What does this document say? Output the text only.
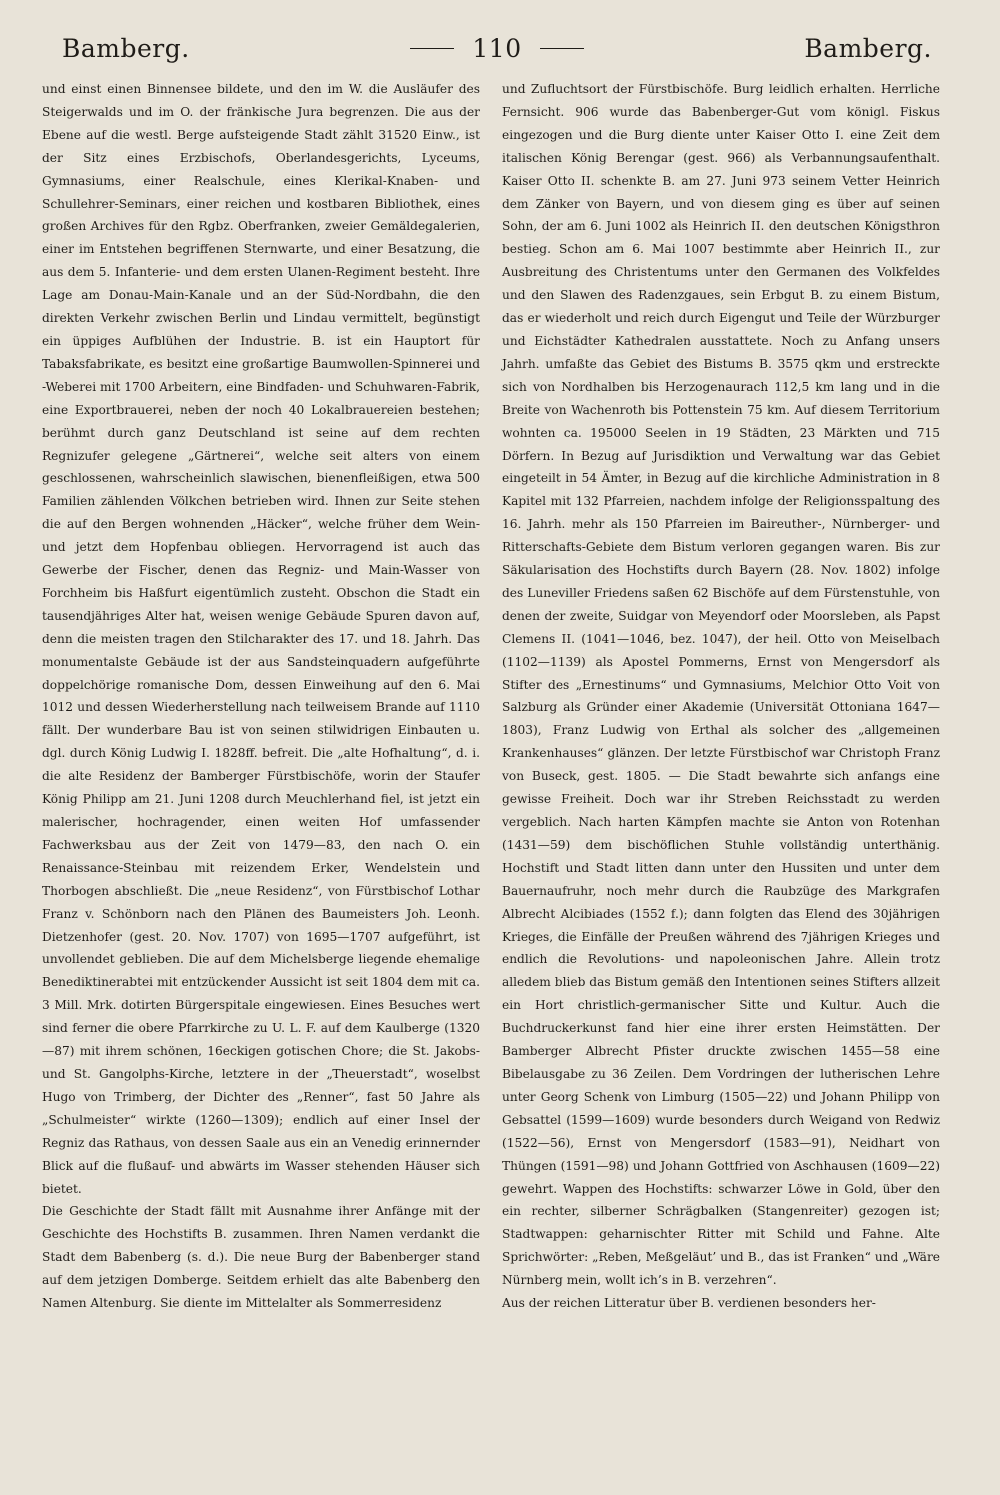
Bamberg.	110	Bamberg.

und einst einen Binnensee bildete, und den im W. die Ausläufer des Steigerwalds und im O. der fränkische Jura begrenzen. Die aus der Ebene auf die westl. Berge aufsteigende Stadt zählt 31520 Einw., ist der Sitz eines Erzbischofs, Oberlandesgerichts, Lyceums, Gymnasiums, einer Realschule, eines Klerikal-Knaben- und Schullehrer-Seminars, einer reichen und kostbaren Bibliothek, eines großen Archives für den Rgbz. Oberfranken, zweier Gemäldegalerien, einer im Entstehen begriffenen Sternwarte, und einer Besatzung, die aus dem 5. Infanterie- und dem ersten Ulanen-Regiment besteht. Ihre Lage am Donau-Main-Kanale und an der Süd-Nordbahn, die den direkten Verkehr zwischen Berlin und Lindau vermittelt, begünstigt ein üppiges Aufblühen der Industrie. B. ist ein Hauptort für Tabaksfabrikate, es besitzt eine großartige Baumwollen-Spinnerei und -Weberei mit 1700 Arbeitern, eine Bindfaden- und Schuhwaren-Fabrik, eine Exportbrauerei, neben der noch 40 Lokalbrauereien bestehen; berühmt durch ganz Deutschland ist seine auf dem rechten Regnizufer gelegene „Gärtnerei“, welche seit alters von einem geschlossenen, wahrscheinlich slawischen, bienenfleißigen, etwa 500 Familien zählenden Völkchen betrieben wird. Ihnen zur Seite stehen die auf den Bergen wohnenden „Häcker“, welche früher dem Wein- und jetzt dem Hopfenbau obliegen. Hervorragend ist auch das Gewerbe der Fischer, denen das Regniz- und Main-Wasser von Forchheim bis Haßfurt eigentümlich zusteht. Obschon die Stadt ein tausendjähriges Alter hat, weisen wenige Gebäude Spuren davon auf, denn die meisten tragen den Stilcharakter des 17. und 18. Jahrh. Das monumentalste Gebäude ist der aus Sandsteinquadern aufgeführte doppelchörige romanische Dom, dessen Einweihung auf den 6. Mai 1012 und dessen Wiederherstellung nach teilweisem Brande auf 1110 fällt. Der wunderbare Bau ist von seinen stilwidrigen Einbauten u. dgl. durch König Ludwig I. 1828ff. befreit. Die „alte Hofhaltung“, d. i. die alte Residenz der Bamberger Fürstbischöfe, worin der Staufer König Philipp am 21. Juni 1208 durch Meuchlerhand fiel, ist jetzt ein malerischer, hochragender, einen weiten Hof umfassender Fachwerksbau aus der Zeit von 1479—83, den nach O. ein Renaissance-Steinbau mit reizendem Erker, Wendelstein und Thorbogen abschließt. Die „neue Residenz“, von Fürstbischof Lothar Franz v. Schönborn nach den Plänen des Baumeisters Joh. Leonh. Dietzenhofer (gest. 20. Nov. 1707) von 1695—1707 aufgeführt, ist unvollendet geblieben. Die auf dem Michelsberge liegende ehemalige Benediktinerabtei mit entzückender Aussicht ist seit 1804 dem mit ca. 3 Mill. Mrk. dotirten Bürgerspitale eingewiesen. Eines Besuches wert sind ferner die obere Pfarrkirche zu U. L. F. auf dem Kaulberge (1320—87) mit ihrem schönen, 16eckigen gotischen Chore; die St. Jakobs- und St. Gangolphs-Kirche, letztere in der „Theuerstadt“, woselbst Hugo von Trimberg, der Dichter des „Renner“, fast 50 Jahre als „Schulmeister“ wirkte (1260—1309); endlich auf einer Insel der Regniz das Rathaus, von dessen Saale aus ein an Venedig erinnernder Blick auf die flußauf- und abwärts im Wasser stehenden Häuser sich bietet.

Die Geschichte der Stadt fällt mit Ausnahme ihrer Anfänge mit der Geschichte des Hochstifts B. zusammen. Ihren Namen verdankt die Stadt dem Babenberg (s. d.). Die neue Burg der Babenberger stand auf dem jetzigen Domberge. Seitdem erhielt das alte Babenberg den Namen Altenburg. Sie diente im Mittelalter als Sommerresidenz

und Zufluchtsort der Fürstbischöfe. Burg leidlich erhalten. Herrliche Fernsicht. 906 wurde das Babenberger-Gut vom königl. Fiskus eingezogen und die Burg diente unter Kaiser Otto I. eine Zeit dem italischen König Berengar (gest. 966) als Verbannungsaufenthalt. Kaiser Otto II. schenkte B. am 27. Juni 973 seinem Vetter Heinrich dem Zänker von Bayern, und von diesem ging es über auf seinen Sohn, der am 6. Juni 1002 als Heinrich II. den deutschen Königsthron bestieg. Schon am 6. Mai 1007 bestimmte aber Heinrich II., zur Ausbreitung des Christentums unter den Germanen des Volkfeldes und den Slawen des Radenzgaues, sein Erbgut B. zu einem Bistum, das er wiederholt und reich durch Eigengut und Teile der Würzburger und Eichstädter Kathedralen ausstattete. Noch zu Anfang unsers Jahrh. umfaßte das Gebiet des Bistums B. 3575 qkm und erstreckte sich von Nordhalben bis Herzogenaurach 112,5 km lang und in die Breite von Wachenroth bis Pottenstein 75 km. Auf diesem Territorium wohnten ca. 195000 Seelen in 19 Städten, 23 Märkten und 715 Dörfern. In Bezug auf Jurisdiktion und Verwaltung war das Gebiet eingeteilt in 54 Ämter, in Bezug auf die kirchliche Administration in 8 Kapitel mit 132 Pfarreien, nachdem infolge der Religionsspaltung des 16. Jahrh. mehr als 150 Pfarreien im Baireuther-, Nürnberger- und Ritterschafts-Gebiete dem Bistum verloren gegangen waren. Bis zur Säkularisation des Hochstifts durch Bayern (28. Nov. 1802) infolge des Luneviller Friedens saßen 62 Bischöfe auf dem Fürstenstuhle, von denen der zweite, Suidgar von Meyendorf oder Moorsleben, als Papst Clemens II. (1041—1046, bez. 1047), der heil. Otto von Meiselbach (1102—1139) als Apostel Pommerns, Ernst von Mengersdorf als Stifter des „Ernestinums“ und Gymnasiums, Melchior Otto Voit von Salzburg als Gründer einer Akademie (Universität Ottoniana 1647—1803), Franz Ludwig von Erthal als solcher des „allgemeinen Krankenhauses“ glänzen. Der letzte Fürstbischof war Christoph Franz von Buseck, gest. 1805. — Die Stadt bewahrte sich anfangs eine gewisse Freiheit. Doch war ihr Streben Reichsstadt zu werden vergeblich. Nach harten Kämpfen machte sie Anton von Rotenhan (1431—59) dem bischöflichen Stuhle vollständig unterthänig. Hochstift und Stadt litten dann unter den Hussiten und unter dem Bauernaufruhr, noch mehr durch die Raubzüge des Markgrafen Albrecht Alcibiades (1552 f.); dann folgten das Elend des 30jährigen Krieges, die Einfälle der Preußen während des 7jährigen Krieges und endlich die Revolutions- und napoleonischen Jahre. Allein trotz alledem blieb das Bistum gemäß den Intentionen seines Stifters allzeit ein Hort christlich-germanischer Sitte und Kultur. Auch die Buchdruckerkunst fand hier eine ihrer ersten Heimstätten. Der Bamberger Albrecht Pfister druckte zwischen 1455—58 eine Bibelausgabe zu 36 Zeilen. Dem Vordringen der lutherischen Lehre unter Georg Schenk von Limburg (1505—22) und Johann Philipp von Gebsattel (1599—1609) wurde besonders durch Weigand von Redwiz (1522—56), Ernst von Mengersdorf (1583—91), Neidhart von Thüngen (1591—98) und Johann Gottfried von Aschhausen (1609—22) gewehrt. Wappen des Hochstifts: schwarzer Löwe in Gold, über den ein rechter, silberner Schrägbalken (Stangenreiter) gezogen ist; Stadtwappen: geharnischter Ritter mit Schild und Fahne. Alte Sprichwörter: „Reben, Meßgeläut’ und B., das ist Franken“ und „Wäre Nürnberg mein, wollt ich’s in B. verzehren“.

Aus der reichen Litteratur über B. verdienen besonders her-
